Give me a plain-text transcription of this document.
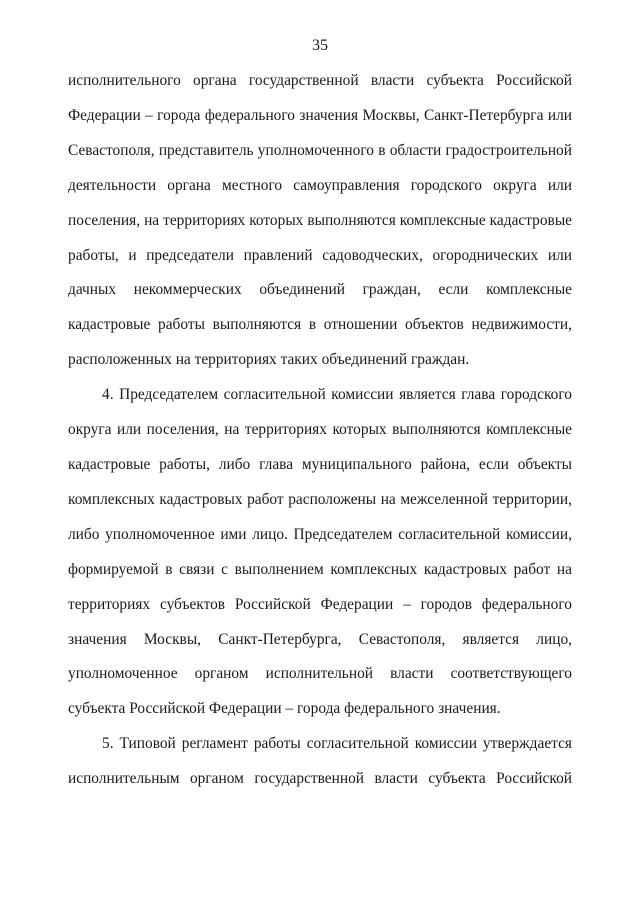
35

исполнительного органа государственной власти субъекта Российской

Федерации – города федерального значения Москвы, Санкт-Петербурга или

Севастополя, представитель уполномоченного в области градостроительной

деятельности органа местного самоуправления городского округа или

поселения, на территориях которых выполняются комплексные кадастровые

работы, и председатели правлений садоводческих, огороднических или

дачных некоммерческих объединений граждан, если комплексные

кадастровые работы выполняются в отношении объектов недвижимости,

расположенных на территориях таких объединений граждан.

4. Председателем согласительной комиссии является глава городского

округа или поселения, на территориях которых выполняются комплексные

кадастровые работы, либо глава муниципального района, если объекты

комплексных кадастровых работ расположены на межселенной территории,

либо уполномоченное ими лицо. Председателем согласительной комиссии,

формируемой в связи с выполнением комплексных кадастровых работ на

территориях субъектов Российской Федерации – городов федерального

значения Москвы, Санкт-Петербурга, Севастополя, является лицо,

уполномоченное органом исполнительной власти соответствующего

субъекта Российской Федерации – города федерального значения.

5. Типовой регламент работы согласительной комиссии утверждается

исполнительным органом государственной власти субъекта Российской
